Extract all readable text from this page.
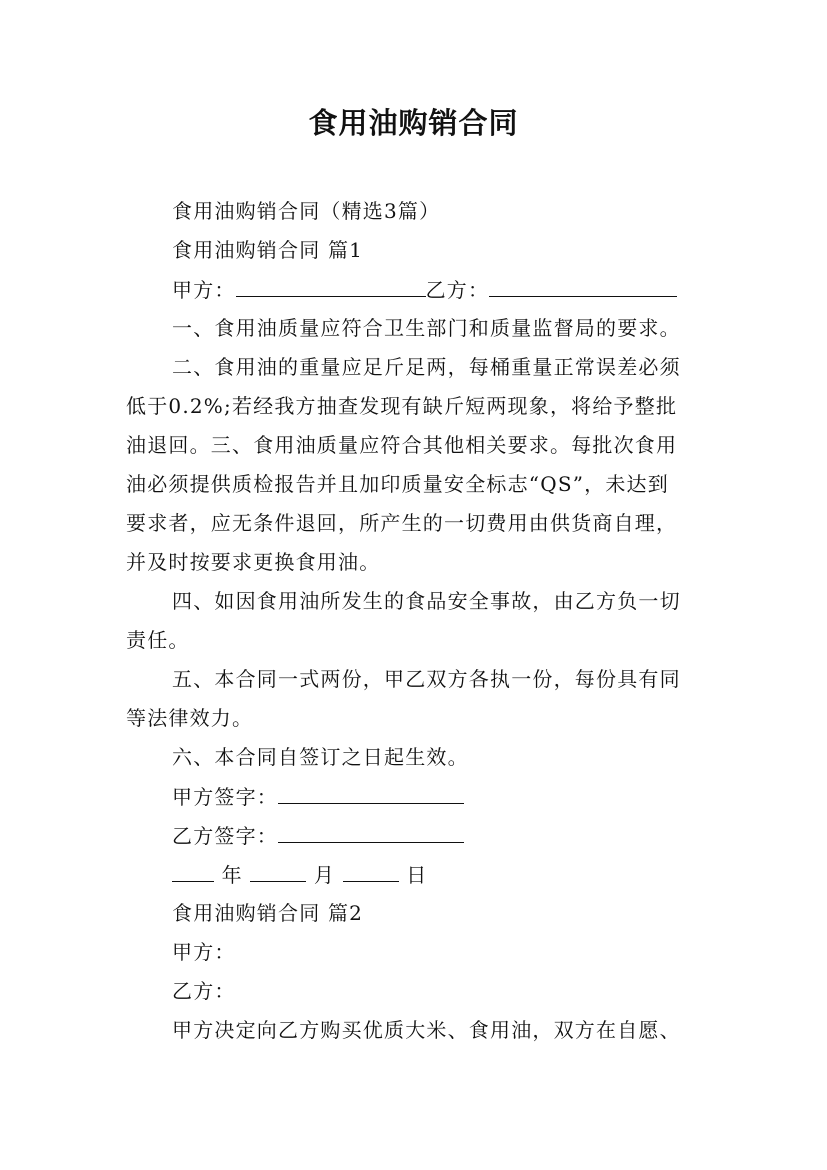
食用油购销合同
食用油购销合同（精选3篇）
食用油购销合同 篇1
甲方：	乙方：
一、食用油质量应符合卫生部门和质量监督局的要求。
二、食用油的重量应足斤足两，每桶重量正常误差必须
低于0.2%;若经我方抽查发现有缺斤短两现象，将给予整批
油退回。三、食用油质量应符合其他相关要求。每批次食用
油必须提供质检报告并且加印质量安全标志“QS”，未达到
要求者，应无条件退回，所产生的一切费用由供货商自理，
并及时按要求更换食用油。
四、如因食用油所发生的食品安全事故，由乙方负一切
责任。
五、本合同一式两份，甲乙双方各执一份，每份具有同
等法律效力。
六、本合同自签订之日起生效。
甲方签字：
乙方签字：
年	月	日
食用油购销合同 篇2
甲方：
乙方：
甲方决定向乙方购买优质大米、食用油，双方在自愿、
